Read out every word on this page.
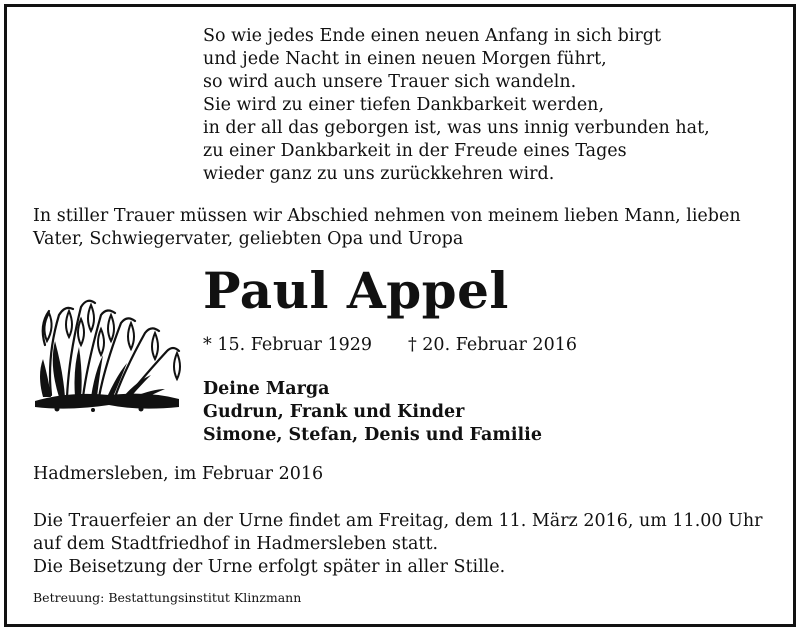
So wie jedes Ende einen neuen Anfang in sich birgt
und jede Nacht in einen neuen Morgen führt,
so wird auch unsere Trauer sich wandeln.
Sie wird zu einer tiefen Dankbarkeit werden,
in der all das geborgen ist, was uns innig verbunden hat,
zu einer Dankbarkeit in der Freude eines Tages
wieder ganz zu uns zurückkehren wird.
In stiller Trauer müssen wir Abschied nehmen von meinem lieben Mann, lieben Vater, Schwiegervater, geliebten Opa und Uropa
Paul Appel
* 15. Februar 1929 † 20. Februar 2016
Deine Marga
Gudrun, Frank und Kinder
Simone, Stefan, Denis und Familie
Hadmersleben, im Februar 2016
Die Trauerfeier an der Urne findet am Freitag, dem 11. März 2016, um 11.00 Uhr
auf dem Stadtfriedhof in Hadmersleben statt.
Die Beisetzung der Urne erfolgt später in aller Stille.
Betreuung: Bestattungsinstitut Klinzmann
